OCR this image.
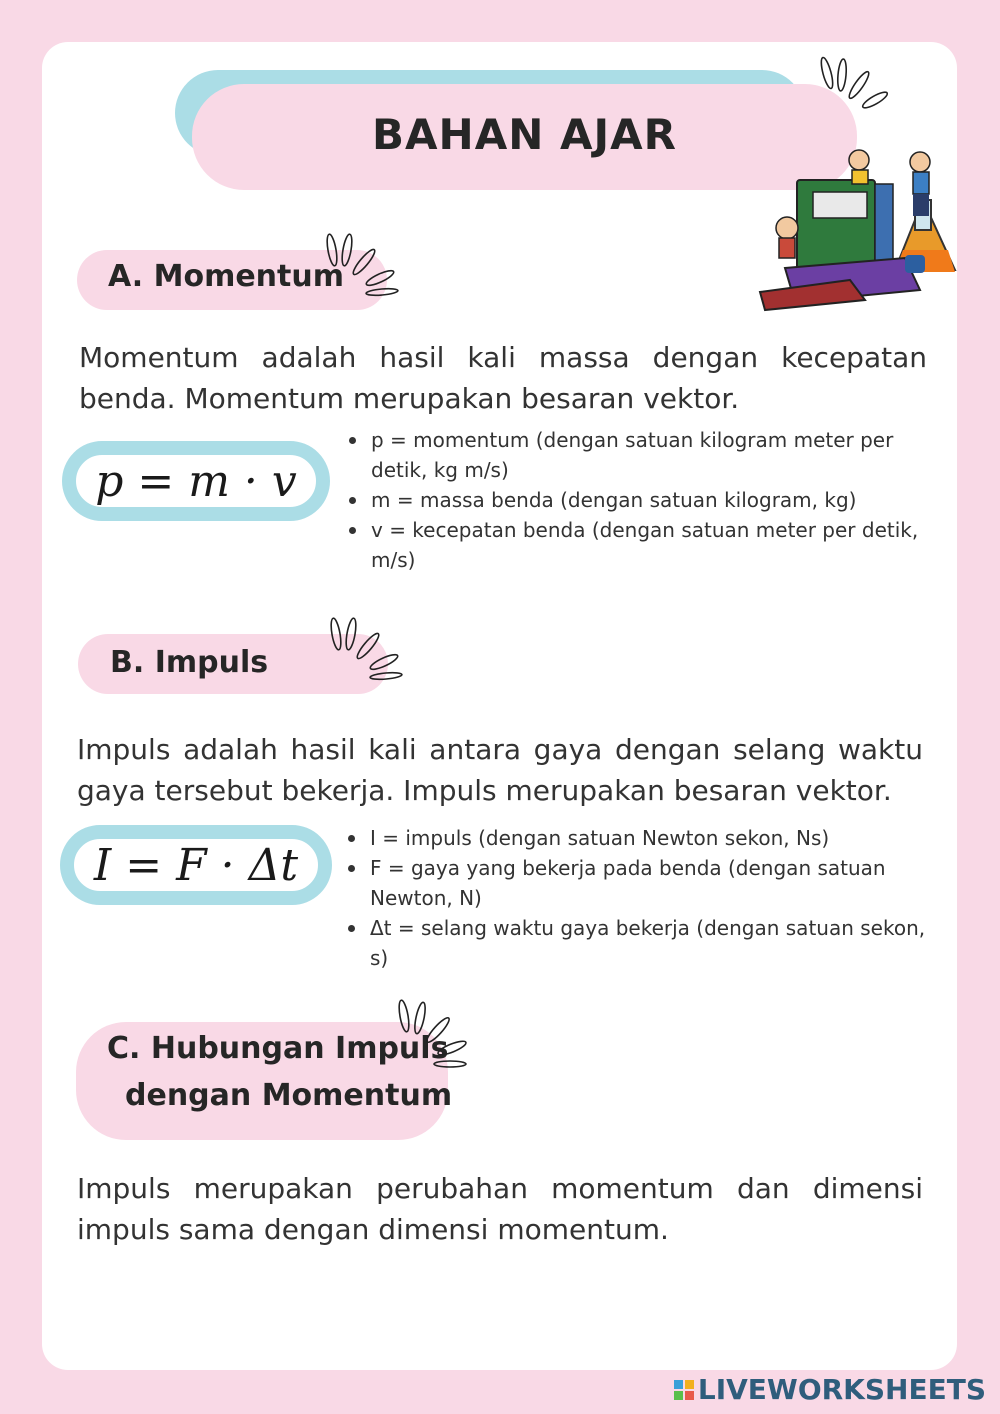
BAHAN AJAR
A. Momentum
Momentum adalah hasil kali massa dengan kecepatan benda. Momentum merupakan besaran vektor.
p = m · v
p = momentum (dengan satuan kilogram meter per detik, kg m/s)
m = massa benda (dengan satuan kilogram, kg)
v = kecepatan benda (dengan satuan meter per detik, m/s)
B. Impuls
Impuls adalah hasil kali antara gaya dengan selang waktu gaya tersebut bekerja. Impuls merupakan besaran vektor.
I = F · Δt
I = impuls (dengan satuan Newton sekon, Ns)
F = gaya yang bekerja pada benda (dengan satuan Newton, N)
Δt = selang waktu gaya bekerja (dengan satuan sekon, s)
C. Hubungan Impuls
dengan Momentum
Impuls merupakan perubahan momentum dan dimensi impuls sama dengan dimensi momentum.
LIVEWORKSHEETS
